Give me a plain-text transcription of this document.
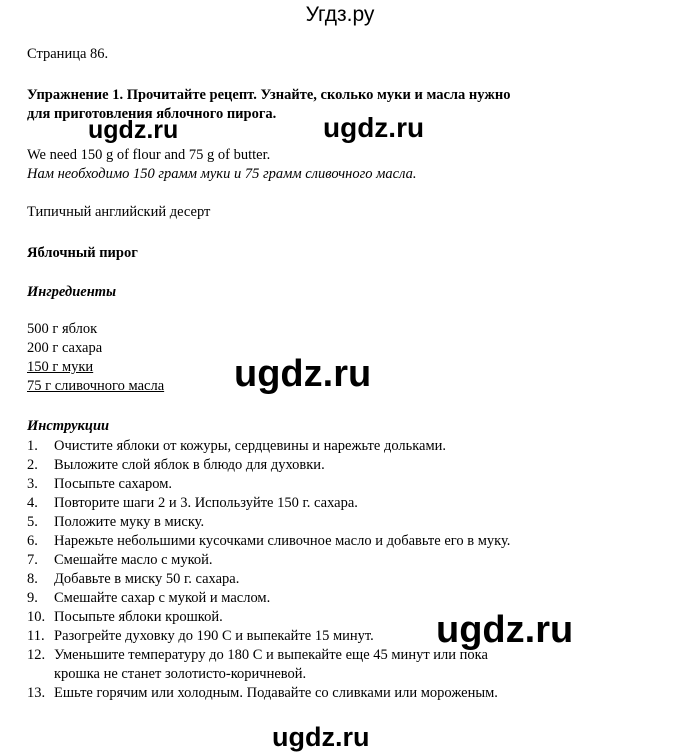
Угдз.ру
Страница 86.
Упражнение 1. Прочитайте рецепт. Узнайте, сколько муки и масла нужно
для приготовления яблочного пирога.
We need 150 g of flour and 75 g of butter.
Нам необходимо 150 грамм муки и 75 грамм сливочного масла.
Типичный английский десерт
Яблочный пирог
Ингредиенты
500 г яблок
200 г сахара
150 г муки
75 г сливочного масла
Инструкции
1. Очистите яблоки от кожуры, сердцевины и нарежьте дольками.
2. Выложите слой яблок в блюдо для духовки.
3. Посыпьте сахаром.
4. Повторите шаги 2 и 3. Используйте 150 г. сахара.
5. Положите муку в миску.
6. Нарежьте небольшими кусочками сливочное масло и добавьте его в муку.
7. Смешайте масло с мукой.
8. Добавьте в миску 50 г. сахара.
9. Смешайте сахар с мукой и маслом.
10. Посыпьте яблоки крошкой.
11. Разогрейте духовку до 190 С и выпекайте 15 минут.
12. Уменьшите температуру до 180 С и выпекайте еще 45 минут или пока
крошка не станет золотисто-коричневой.
13. Ешьте горячим или холодным. Подавайте со сливками или мороженым.
ugdz.ru	ugdz.ru
ugdz.ru
ugdz.ru
ugdz.ru
